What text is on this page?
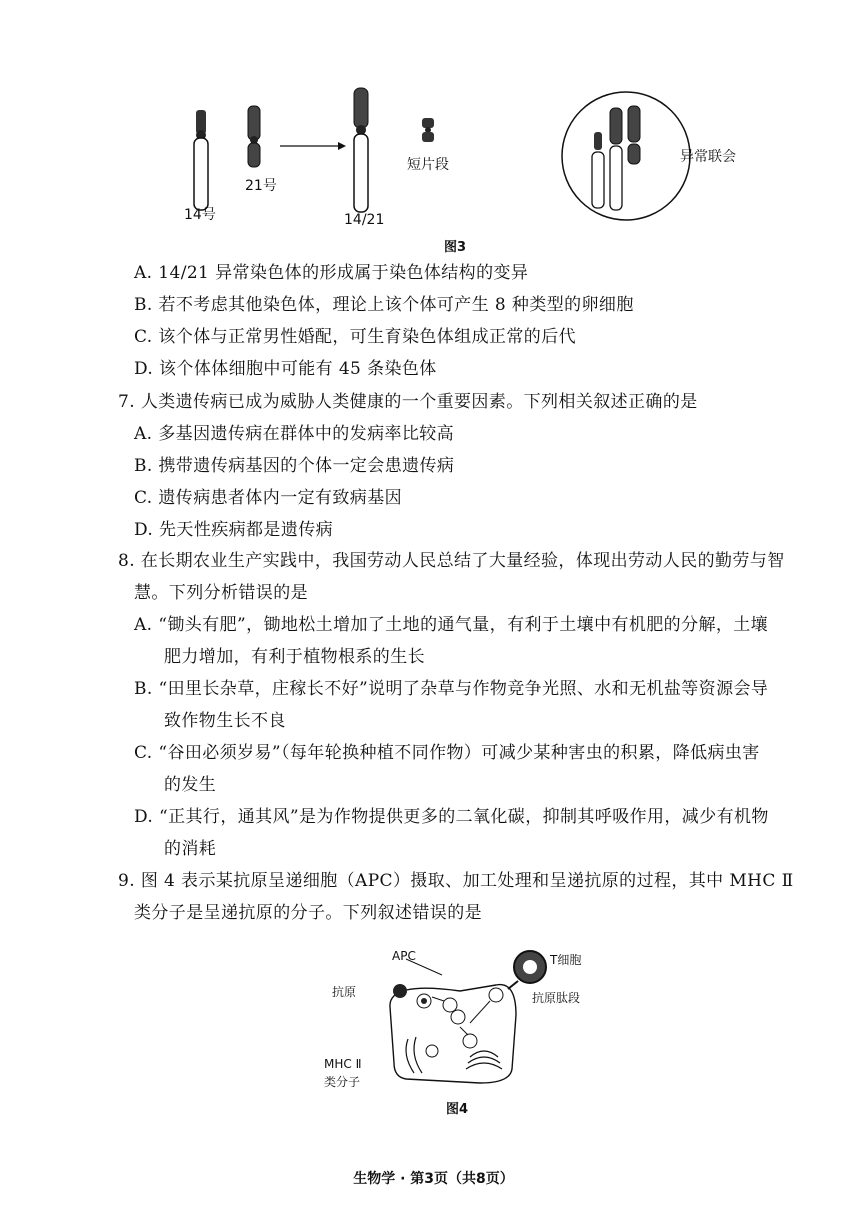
21号
14号	14/21
短片段	异常联会
图3
A. 14/21 异常染色体的形成属于染色体结构的变异
B. 若不考虑其他染色体，理论上该个体可产生 8 种类型的卵细胞
C. 该个体与正常男性婚配，可生育染色体组成正常的后代
D. 该个体体细胞中可能有 45 条染色体
7. 人类遗传病已成为威胁人类健康的一个重要因素。下列相关叙述正确的是
A. 多基因遗传病在群体中的发病率比较高
B. 携带遗传病基因的个体一定会患遗传病
C. 遗传病患者体内一定有致病基因
D. 先天性疾病都是遗传病
8. 在长期农业生产实践中，我国劳动人民总结了大量经验，体现出劳动人民的勤劳与智
慧。下列分析错误的是
A. “锄头有肥”，锄地松土增加了土地的通气量，有利于土壤中有机肥的分解，土壤
肥力增加，有利于植物根系的生长
B. “田里长杂草，庄稼长不好”说明了杂草与作物竞争光照、水和无机盐等资源会导
致作物生长不良
C. “谷田必须岁易”（每年轮换种植不同作物）可减少某种害虫的积累，降低病虫害
的发生
D. “正其行，通其风”是为作物提供更多的二氧化碳，抑制其呼吸作用，减少有机物
的消耗
9. 图 4 表示某抗原呈递细胞（APC）摄取、加工处理和呈递抗原的过程，其中 MHC Ⅱ
类分子是呈递抗原的分子。下列叙述错误的是
APC	T细胞
抗原	抗原肽段
MHC Ⅱ
类分子
图4
生物学 · 第3页（共8页）
